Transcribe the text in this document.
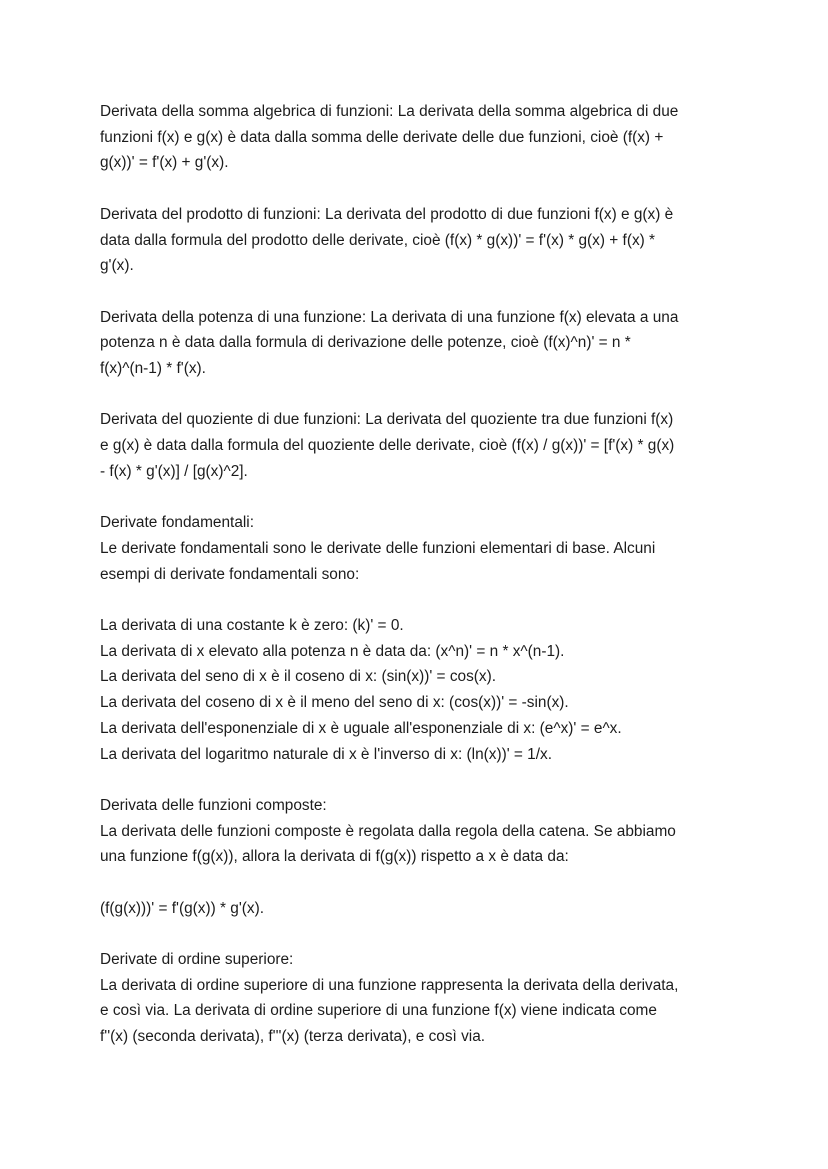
Derivata della somma algebrica di funzioni: La derivata della somma algebrica di due
funzioni f(x) e g(x) è data dalla somma delle derivate delle due funzioni, cioè (f(x) +
g(x))' = f'(x) + g'(x).

Derivata del prodotto di funzioni: La derivata del prodotto di due funzioni f(x) e g(x) è
data dalla formula del prodotto delle derivate, cioè (f(x) * g(x))' = f'(x) * g(x) + f(x) *
g'(x).

Derivata della potenza di una funzione: La derivata di una funzione f(x) elevata a una
potenza n è data dalla formula di derivazione delle potenze, cioè (f(x)^n)' = n *
f(x)^(n-1) * f'(x).

Derivata del quoziente di due funzioni: La derivata del quoziente tra due funzioni f(x)
e g(x) è data dalla formula del quoziente delle derivate, cioè (f(x) / g(x))' = [f'(x) * g(x)
- f(x) * g'(x)] / [g(x)^2].

Derivate fondamentali:
Le derivate fondamentali sono le derivate delle funzioni elementari di base. Alcuni
esempi di derivate fondamentali sono:

La derivata di una costante k è zero: (k)' = 0.
La derivata di x elevato alla potenza n è data da: (x^n)' = n * x^(n-1).
La derivata del seno di x è il coseno di x: (sin(x))' = cos(x).
La derivata del coseno di x è il meno del seno di x: (cos(x))' = -sin(x).
La derivata dell'esponenziale di x è uguale all'esponenziale di x: (e^x)' = e^x.
La derivata del logaritmo naturale di x è l'inverso di x: (ln(x))' = 1/x.

Derivata delle funzioni composte:
La derivata delle funzioni composte è regolata dalla regola della catena. Se abbiamo
una funzione f(g(x)), allora la derivata di f(g(x)) rispetto a x è data da:

(f(g(x)))' = f'(g(x)) * g'(x).

Derivate di ordine superiore:
La derivata di ordine superiore di una funzione rappresenta la derivata della derivata,
e così via. La derivata di ordine superiore di una funzione f(x) viene indicata come
f''(x) (seconda derivata), f'''(x) (terza derivata), e così via.
